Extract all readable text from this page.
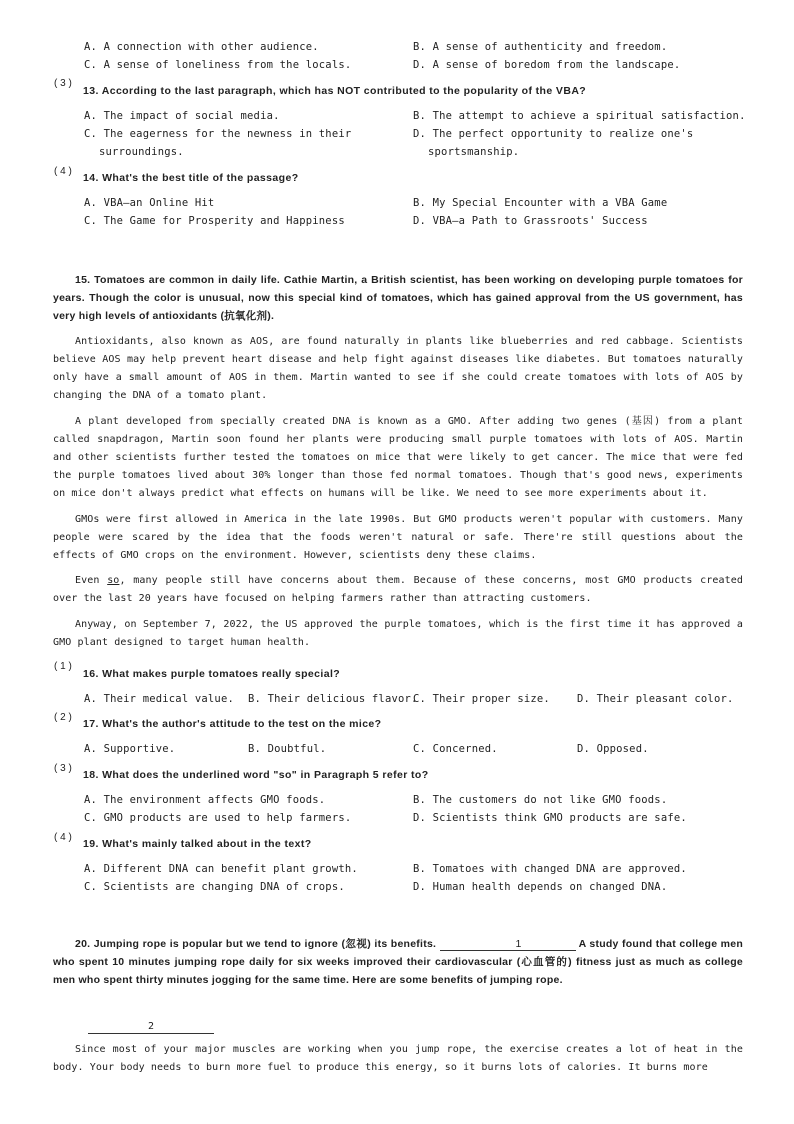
A. A connection with other audience.	B. A sense of authenticity and freedom.
C. A sense of loneliness from the locals.	D. A sense of boredom from the landscape.
( 3 )
13. According to the last paragraph, which has NOT contributed to the popularity of the VBA?
A. The impact of social media.	B. The attempt to achieve a spiritual satisfaction.
C. The eagerness for the newness in their	D. The perfect opportunity to realize one's
surroundings.	sportsmanship.
( 4 )
14. What's the best title of the passage?
A. VBA—an Online Hit	B. My Special Encounter with a VBA Game
C. The Game for Prosperity and Happiness	D. VBA—a Path to Grassroots' Success
15. Tomatoes are common in daily life. Cathie Martin, a British scientist, has been working on developing purple tomatoes for years. Though the color is unusual, now this special kind of tomatoes, which has gained approval from the US government, has very high levels of antioxidants (抗氧化剂).
Antioxidants, also known as AOS, are found naturally in plants like blueberries and red cabbage. Scientists believe AOS may help prevent heart disease and help fight against diseases like diabetes. But tomatoes naturally only have a small amount of AOS in them. Martin wanted to see if she could create tomatoes with lots of AOS by changing the DNA of a tomato plant.
A plant developed from specially created DNA is known as a GMO. After adding two genes (基因) from a plant called snapdragon, Martin soon found her plants were producing small purple tomatoes with lots of AOS. Martin and other scientists further tested the tomatoes on mice that were likely to get cancer. The mice that were fed the purple tomatoes lived about 30% longer than those fed normal tomatoes. Though that's good news, experiments on mice don't always predict what effects on humans will be like. We need to see more experiments about it.
GMOs were first allowed in America in the late 1990s. But GMO products weren't popular with customers. Many people were scared by the idea that the foods weren't natural or safe. There're still questions about the effects of GMO crops on the environment. However, scientists deny these claims.
Even so, many people still have concerns about them. Because of these concerns, most GMO products created over the last 20 years have focused on helping farmers rather than attracting customers.
Anyway, on September 7, 2022, the US approved the purple tomatoes, which is the first time it has approved a GMO plant designed to target human health.
( 1 )
16. What makes purple tomatoes really special?
A. Their medical value. B. Their delicious flavor.
C. Their proper size.	D. Their pleasant color.
( 2 )
17. What's the author's attitude to the test on the mice?
A. Supportive.	B. Doubtful.	C. Concerned.	D. Opposed.
( 3 )
18. What does the underlined word "so" in Paragraph 5 refer to?
A. The environment affects GMO foods.	B. The customers do not like GMO foods.
C. GMO products are used to help farmers.	D. Scientists think GMO products are safe.
( 4 )
19. What's mainly talked about in the text?
A. Different DNA can benefit plant growth.	B. Tomatoes with changed DNA are approved.
C. Scientists are changing DNA of crops.	D. Human health depends on changed DNA.
20. Jumping rope is popular but we tend to ignore (忽视) its benefits.	1	A study found that college men who spent 10 minutes jumping rope daily for six weeks improved their cardiovascular (心血管的) fitness just as much as college men who spent thirty minutes jogging for the same time. Here are some benefits of jumping rope.
2
Since most of your major muscles are working when you jump rope, the exercise creates a lot of heat in the body. Your body needs to burn more fuel to produce this energy, so it burns lots of calories. It burns more
